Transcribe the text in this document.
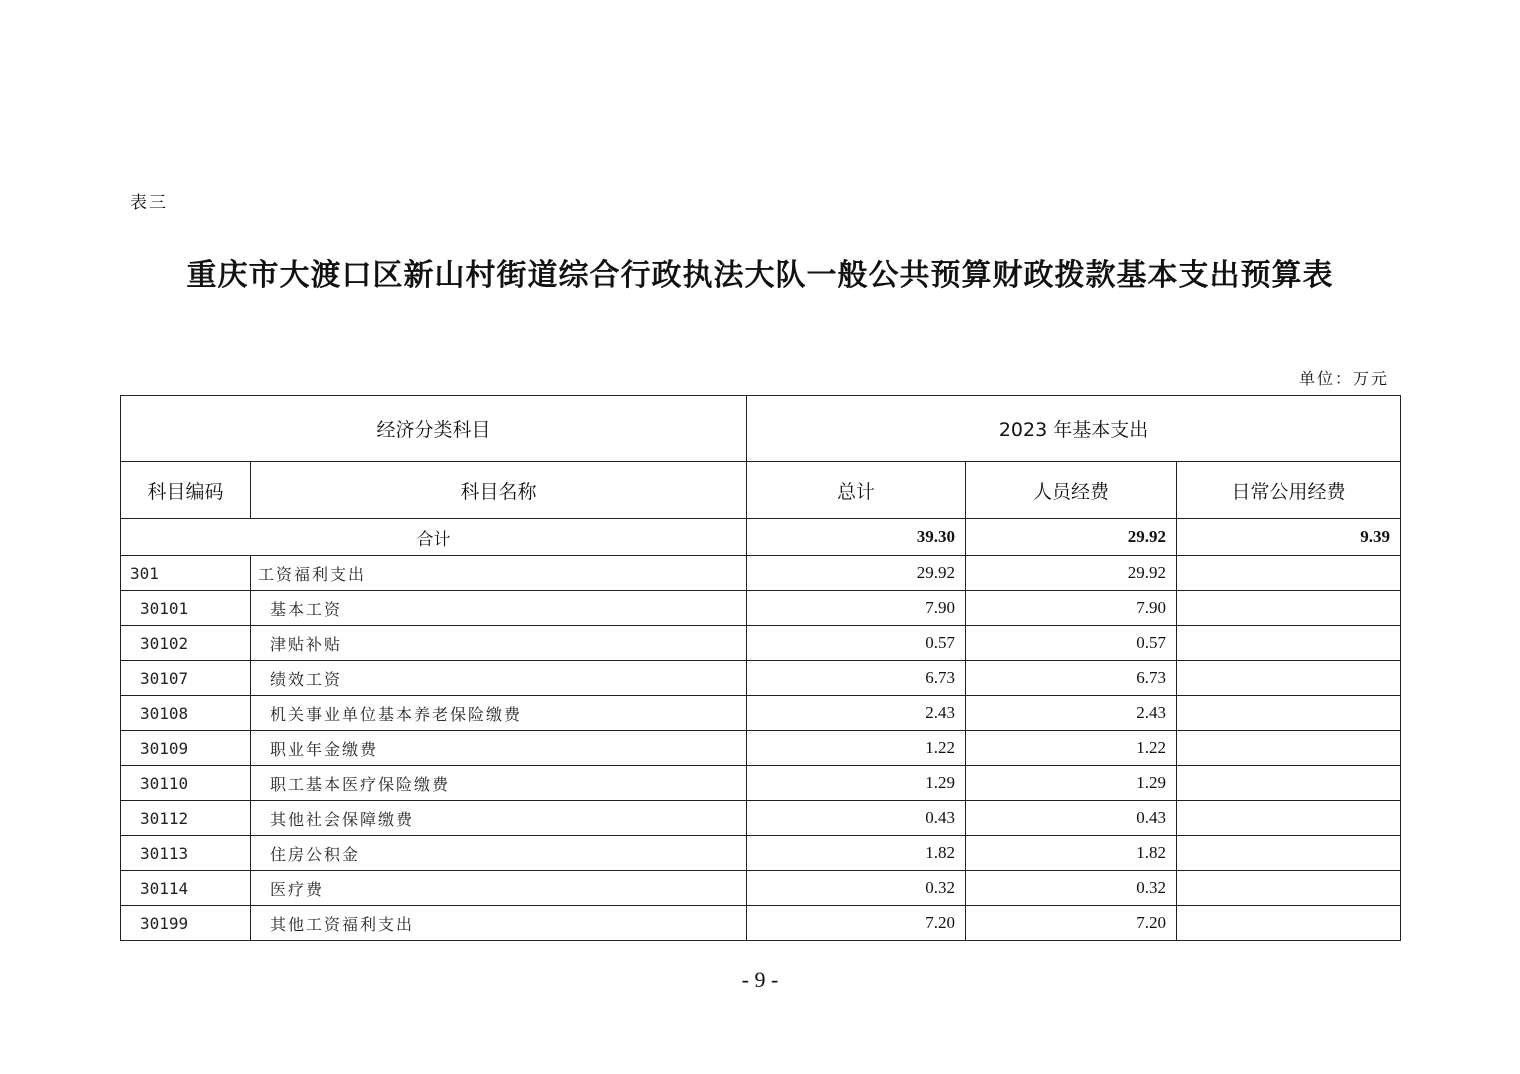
表三
重庆市大渡口区新山村街道综合行政执法大队一般公共预算财政拨款基本支出预算表
单位：万元
经济分类科目		2023 年基本支出		
科目编码	科目名称	总计	人员经费	日常公用经费
合计		39.30	29.92	9.39
301	工资福利支出	29.92	29.92	
30101	基本工资	7.90	7.90	
30102	津贴补贴	0.57	0.57	
30107	绩效工资	6.73	6.73	
30108	机关事业单位基本养老保险缴费	2.43	2.43	
30109	职业年金缴费	1.22	1.22	
30110	职工基本医疗保险缴费	1.29	1.29	
30112	其他社会保障缴费	0.43	0.43	
30113	住房公积金	1.82	1.82	
30114	医疗费	0.32	0.32	
30199	其他工资福利支出	7.20	7.20	
- 9 -
